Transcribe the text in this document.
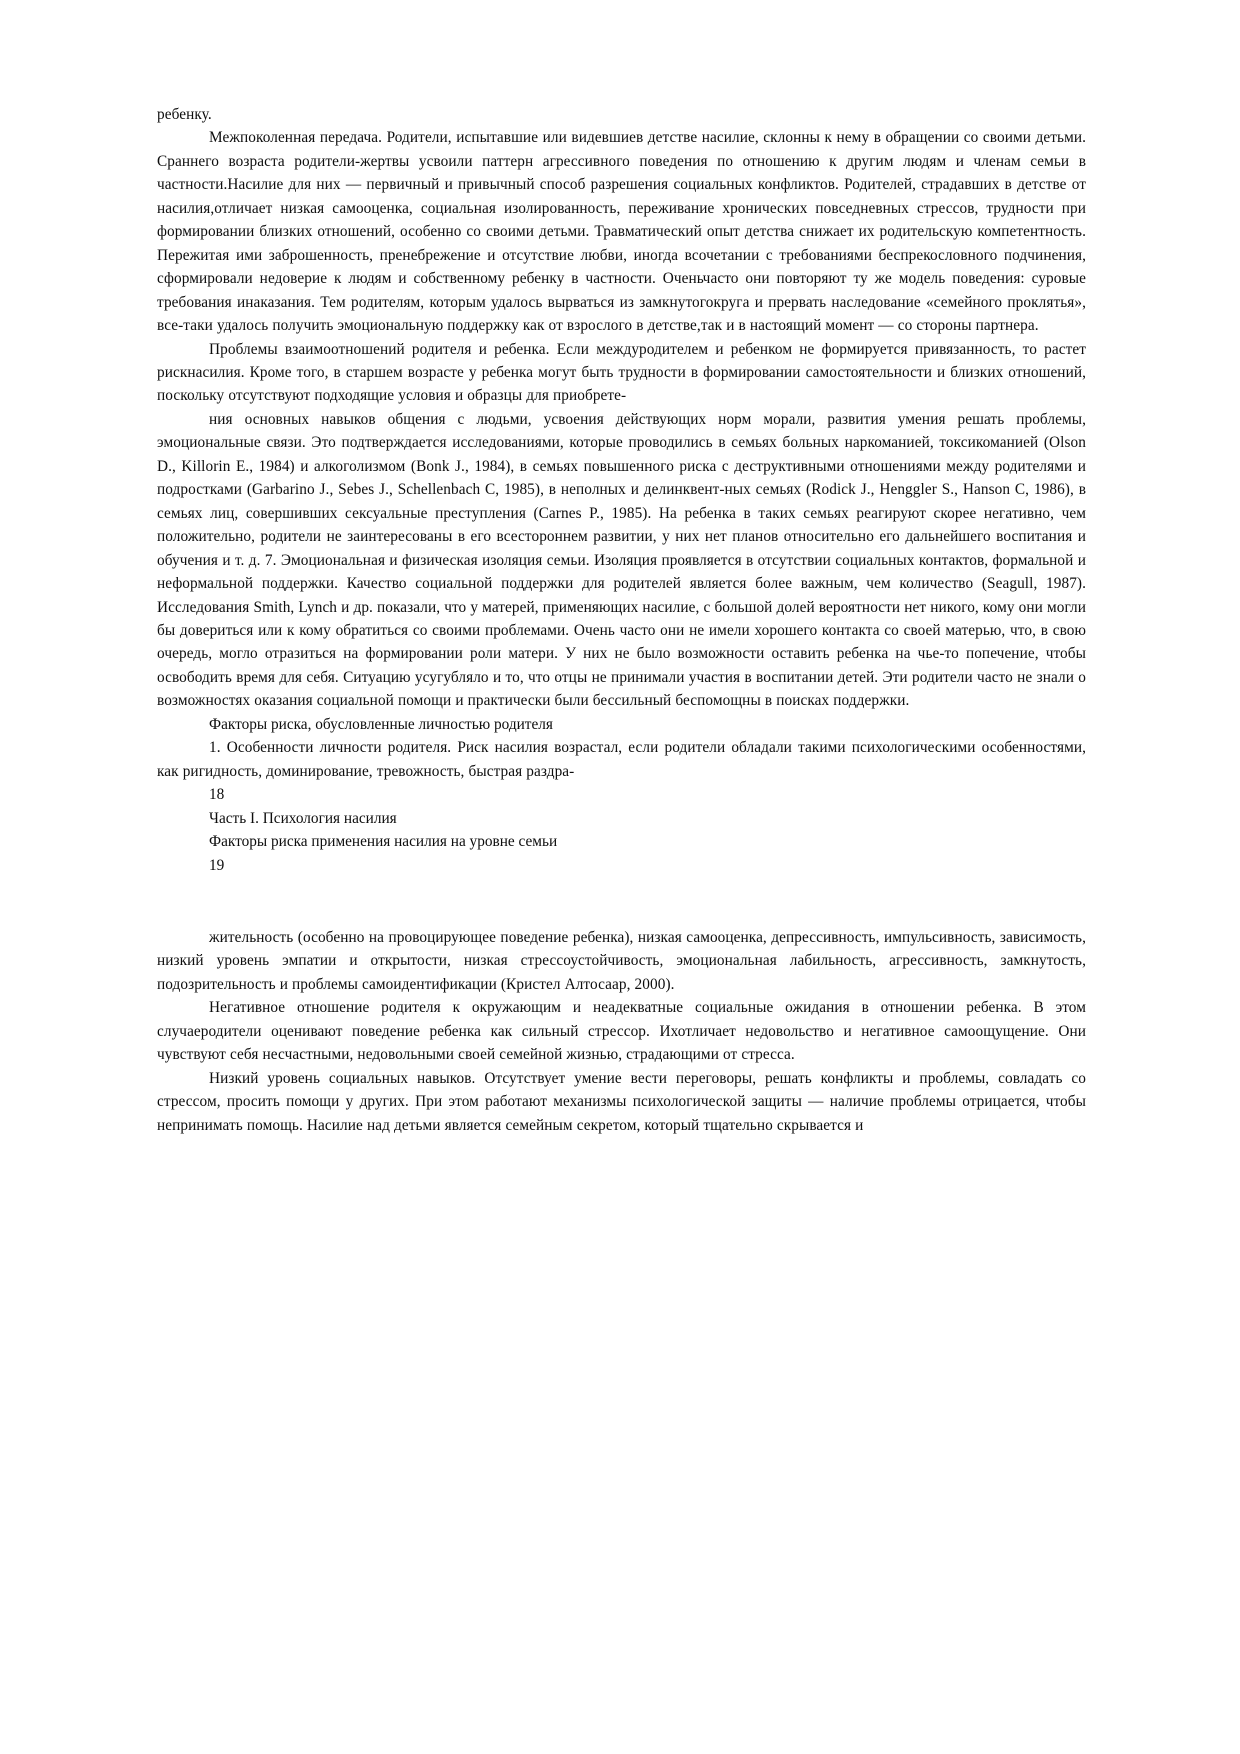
ребенку.

Межпоколенная передача. Родители, испытавшие или видевшиев детстве насилие, склонны к нему в обращении со своими детьми. Сраннего возраста родители-жертвы усвоили паттерн агрессивного поведения по отношению к другим людям и членам семьи в частности.Насилие для них — первичный и привычный способ разрешения социальных конфликтов. Родителей, страдавших в детстве от насилия,отличает низкая самооценка, социальная изолированность, переживание хронических повседневных стрессов, трудности при формировании близких отношений, особенно со своими детьми. Травматический опыт детства снижает их родительскую компетентность. Пережитая ими заброшенность, пренебрежение и отсутствие любви, иногда всочетании с требованиями беспрекословного подчинения, сформировали недоверие к людям и собственному ребенку в частности. Оченьчасто они повторяют ту же модель поведения: суровые требования инаказания. Тем родителям, которым удалось вырваться из замкнутогокруга и прервать наследование «семейного проклятья», все-таки удалось получить эмоциональную поддержку как от взрослого в детстве,так и в настоящий момент — со стороны партнера.

Проблемы взаимоотношений родителя и ребенка. Если междуродителем и ребенком не формируется привязанность, то растет рискнасилия. Кроме того, в старшем возрасте у ребенка могут быть трудности в формировании самостоятельности и близких отношений, поскольку отсутствуют подходящие условия и образцы для приобрете-

ния основных навыков общения с людьми, усвоения действующих норм морали, развития умения решать проблемы, эмоциональные связи. Это подтверждается исследованиями, которые проводились в семьях больных наркоманией, токсикоманией (Olson D., Killorin E., 1984) и алкоголизмом (Bonk J., 1984), в семьях повышенного риска с деструктивными отношениями между родителями и подростками (Garbarino J., Sebes J., Schellenbach C, 1985), в неполных и делинквент-ных семьях (Rodick J., Henggler S., Hanson C, 1986), в семьях лиц, совершивших сексуальные преступления (Carnes P., 1985). На ребенка в таких семьях реагируют скорее негативно, чем положительно, родители не заинтересованы в его всестороннем развитии, у них нет планов относительно его дальнейшего воспитания и обучения и т. д. 7. Эмоциональная и физическая изоляция семьи. Изоляция проявляется в отсутствии социальных контактов, формальной и неформальной поддержки. Качество социальной поддержки для родителей является более важным, чем количество (Seagull, 1987). Исследования Smith, Lynch и др. показали, что у матерей, применяющих насилие, с большой долей вероятности нет никого, кому они могли бы довериться или к кому обратиться со своими проблемами. Очень часто они не имели хорошего контакта со своей матерью, что, в свою очередь, могло отразиться на формировании роли матери. У них не было возможности оставить ребенка на чье-то попечение, чтобы освободить время для себя. Ситуацию усугубляло и то, что отцы не принимали участия в воспитании детей. Эти родители часто не знали о возможностях оказания социальной помощи и практически были бессильный беспомощны в поисках поддержки.

Факторы риска, обусловленные личностью родителя

1. Особенности личности родителя. Риск насилия возрастал, если родители обладали такими психологическими особенностями, как ригидность, доминирование, тревожность, быстрая раздра-

18

Часть I. Психология насилия

Факторы риска применения насилия на уровне семьи

19

жительность (особенно на провоцирующее поведение ребенка), низкая самооценка, депрессивность, импульсивность, зависимость, низкий уровень эмпатии и открытости, низкая стрессоустойчивость, эмоциональная лабильность, агрессивность, замкнутость, подозрительность и проблемы самоидентификации (Кристел Алтосаар, 2000).

Негативное отношение родителя к окружающим и неадекватные социальные ожидания в отношении ребенка. В этом случаеродители оценивают поведение ребенка как сильный стрессор. Ихотличает недовольство и негативное самоощущение. Они чувствуют себя несчастными, недовольными своей семейной жизнью, страдающими от стресса.

Низкий уровень социальных навыков. Отсутствует умение вести переговоры, решать конфликты и проблемы, совладать со стрессом, просить помощи у других. При этом работают механизмы психологической защиты — наличие проблемы отрицается, чтобы непринимать помощь. Насилие над детьми является семейным секретом, который тщательно скрывается и
